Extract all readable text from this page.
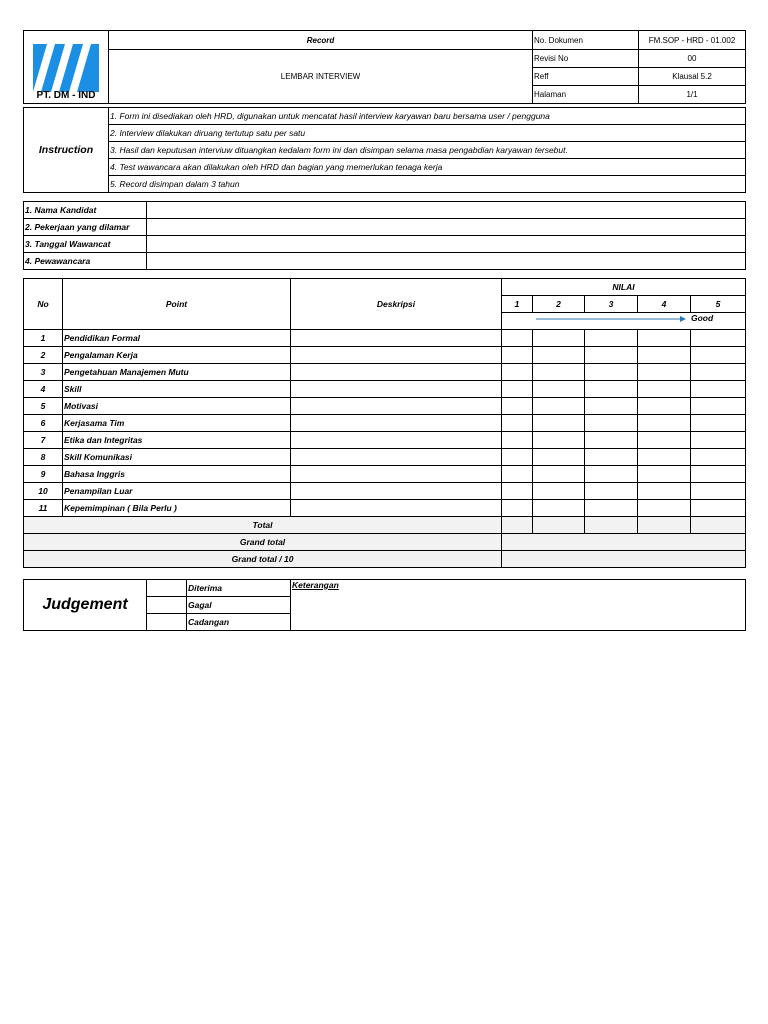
PT. DM - IND	Record	No. Dokumen	FM.SOP - HRD - 01.002
	LEMBAR INTERVIEW	Revisi No	00
		Reff	Klausal 5.2
		Halaman	1/1
Instruction	1. Form ini disediakan oleh HRD, digunakan untuk mencatat hasil interview karyawan baru bersama user / pengguna
2. Interview dilakukan diruang tertutup satu per satu
3. Hasil dan keputusan interviuw dituangkan kedalam form ini dan disimpan selama masa pengabdian karyawan tersebut.
4. Test wawancara akan dilakukan oleh HRD dan bagian yang memerlukan tenaga kerja
5. Record disimpan dalam 3 tahun
1. Nama Kandidat	
2. Pekerjaan yang dilamar	
3. Tanggal Wawancat	
4. Pewawancara	
No	Point	Deskripsi	NILAI				
			1	2	3	4	5

			Good				

1	Pendidikan Formal						
2	Pengalaman Kerja						
3	Pengetahuan Manajemen Mutu						
4	Skill						
5	Motivasi						
6	Kerjasama Tim						
7	Etika dan Integritas						
8	Skill Komunikasi						
9	Bahasa Inggris						
10	Penampilan Luar						
11	Kepemimpinan ( Bila Perlu )						
Total							
Grand total							
Grand total / 10							
Judgement		Diterima	Keterangan
		Gagal	
		Cadangan	
